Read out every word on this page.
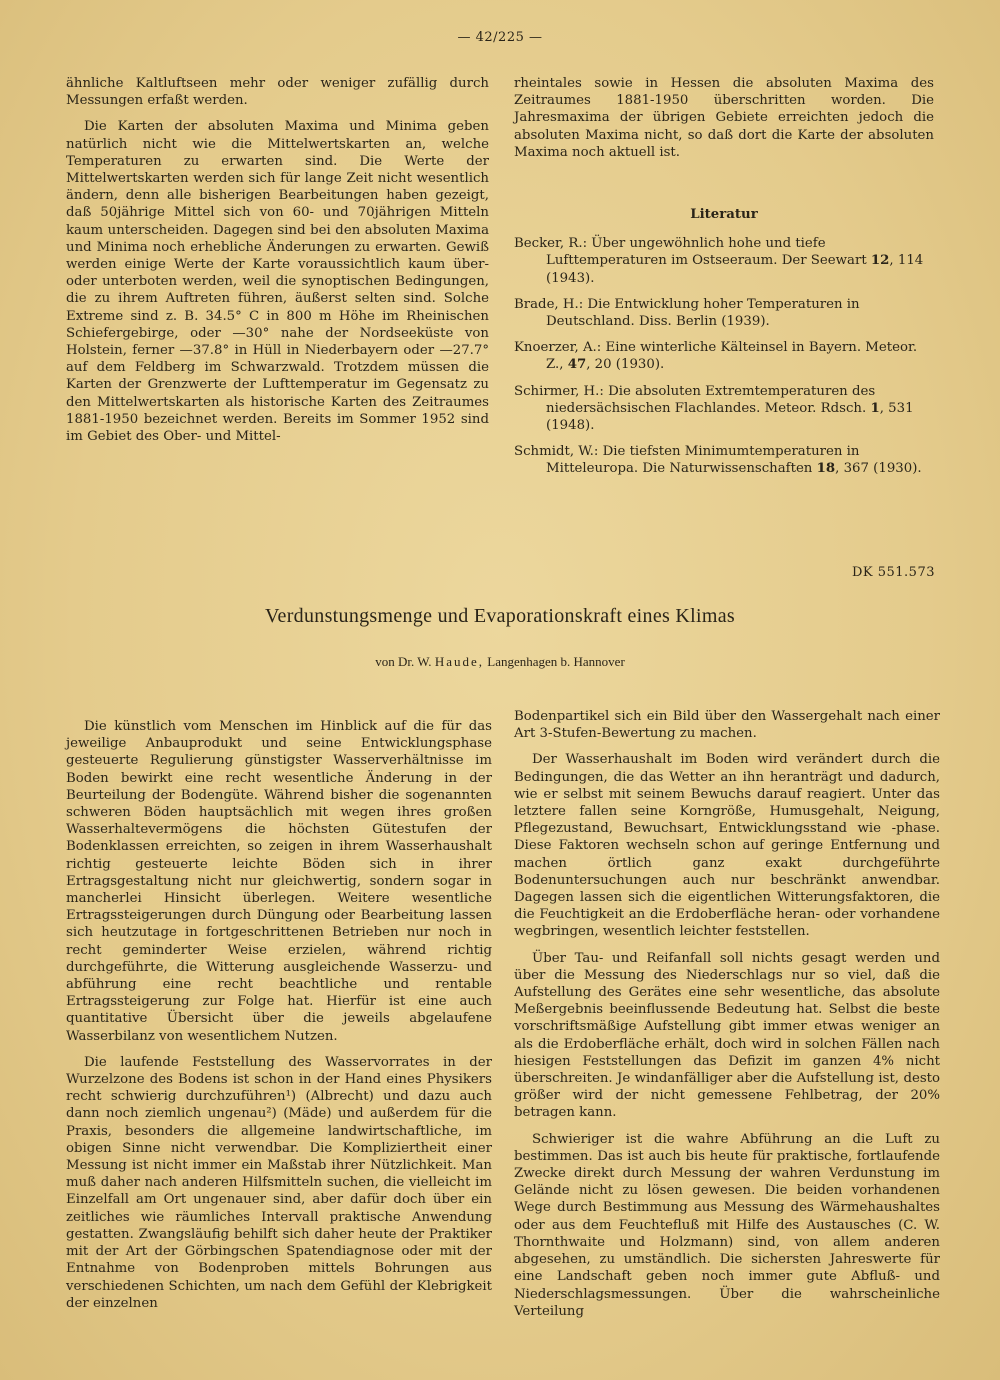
— 42/225 —

ähnliche Kaltluftseen mehr oder weniger zufällig durch Messungen erfaßt werden.

Die Karten der absoluten Maxima und Minima geben natürlich nicht wie die Mittelwertskarten an, welche Temperaturen zu erwarten sind. Die Werte der Mittelwertskarten werden sich für lange Zeit nicht wesentlich ändern, denn alle bisherigen Bearbeitungen haben gezeigt, daß 50jährige Mittel sich von 60- und 70jährigen Mitteln kaum unterscheiden. Dagegen sind bei den absoluten Maxima und Minima noch erhebliche Änderungen zu erwarten. Gewiß werden einige Werte der Karte voraussichtlich kaum über- oder unterboten werden, weil die synoptischen Bedingungen, die zu ihrem Auftreten führen, äußerst selten sind. Solche Extreme sind z. B. 34.5° C in 800 m Höhe im Rheinischen Schiefergebirge, oder —30° nahe der Nordseeküste von Holstein, ferner —37.8° in Hüll in Niederbayern oder —27.7° auf dem Feldberg im Schwarzwald. Trotzdem müssen die Karten der Grenzwerte der Lufttemperatur im Gegensatz zu den Mittelwertskarten als historische Karten des Zeitraumes 1881-1950 bezeichnet werden. Bereits im Sommer 1952 sind im Gebiet des Ober- und Mittel-

rheintales sowie in Hessen die absoluten Maxima des Zeitraumes 1881-1950 überschritten worden. Die Jahresmaxima der übrigen Gebiete erreichten jedoch die absoluten Maxima nicht, so daß dort die Karte der absoluten Maxima noch aktuell ist.

Literatur
Becker, R.: Über ungewöhnlich hohe und tiefe Lufttemperaturen im Ostseeraum. Der Seewart 12, 114 (1943).
Brade, H.: Die Entwicklung hoher Temperaturen in Deutschland. Diss. Berlin (1939).
Knoerzer, A.: Eine winterliche Kälteinsel in Bayern. Meteor. Z., 47, 20 (1930).
Schirmer, H.: Die absoluten Extremtemperaturen des niedersächsischen Flachlandes. Meteor. Rdsch. 1, 531 (1948).
Schmidt, W.: Die tiefsten Minimumtemperaturen in Mitteleuropa. Die Naturwissenschaften 18, 367 (1930).
DK 551.573
Verdunstungsmenge und Evaporationskraft eines Klimas
von Dr. W. Haude, Langenhagen b. Hannover

Die künstlich vom Menschen im Hinblick auf die für das jeweilige Anbauprodukt und seine Entwicklungsphase gesteuerte Regulierung günstigster Wasserverhältnisse im Boden bewirkt eine recht wesentliche Änderung in der Beurteilung der Bodengüte. Während bisher die sogenannten schweren Böden hauptsächlich mit wegen ihres großen Wasserhaltevermögens die höchsten Gütestufen der Bodenklassen erreichten, so zeigen in ihrem Wasserhaushalt richtig gesteuerte leichte Böden sich in ihrer Ertragsgestaltung nicht nur gleichwertig, sondern sogar in mancherlei Hinsicht überlegen. Weitere wesentliche Ertragssteigerungen durch Düngung oder Bearbeitung lassen sich heutzutage in fortgeschrittenen Betrieben nur noch in recht geminderter Weise erzielen, während richtig durchgeführte, die Witterung ausgleichende Wasserzu- und abführung eine recht beachtliche und rentable Ertragssteigerung zur Folge hat. Hierfür ist eine auch quantitative Übersicht über die jeweils abgelaufene Wasserbilanz von wesentlichem Nutzen.

Die laufende Feststellung des Wasservorrates in der Wurzelzone des Bodens ist schon in der Hand eines Physikers recht schwierig durchzuführen¹) (Albrecht) und dazu auch dann noch ziemlich ungenau²) (Mäde) und außerdem für die Praxis, besonders die allgemeine landwirtschaftliche, im obigen Sinne nicht verwendbar. Die Kompliziertheit einer Messung ist nicht immer ein Maßstab ihrer Nützlichkeit. Man muß daher nach anderen Hilfsmitteln suchen, die vielleicht im Einzelfall am Ort ungenauer sind, aber dafür doch über ein zeitliches wie räumliches Intervall praktische Anwendung gestatten. Zwangsläufig behilft sich daher heute der Praktiker mit der Art der Görbingschen Spatendiagnose oder mit der Entnahme von Bodenproben mittels Bohrungen aus verschiedenen Schichten, um nach dem Gefühl der Klebrigkeit der einzelnen

Bodenpartikel sich ein Bild über den Wassergehalt nach einer Art 3-Stufen-Bewertung zu machen.

Der Wasserhaushalt im Boden wird verändert durch die Bedingungen, die das Wetter an ihn heranträgt und dadurch, wie er selbst mit seinem Bewuchs darauf reagiert. Unter das letztere fallen seine Korngröße, Humusgehalt, Neigung, Pflegezustand, Bewuchsart, Entwicklungsstand wie -phase. Diese Faktoren wechseln schon auf geringe Entfernung und machen örtlich ganz exakt durchgeführte Bodenuntersuchungen auch nur beschränkt anwendbar. Dagegen lassen sich die eigentlichen Witterungsfaktoren, die die Feuchtigkeit an die Erdoberfläche heran- oder vorhandene wegbringen, wesentlich leichter feststellen.

Über Tau- und Reifanfall soll nichts gesagt werden und über die Messung des Niederschlags nur so viel, daß die Aufstellung des Gerätes eine sehr wesentliche, das absolute Meßergebnis beeinflussende Bedeutung hat. Selbst die beste vorschriftsmäßige Aufstellung gibt immer etwas weniger an als die Erdoberfläche erhält, doch wird in solchen Fällen nach hiesigen Feststellungen das Defizit im ganzen 4% nicht überschreiten. Je windanfälliger aber die Aufstellung ist, desto größer wird der nicht gemessene Fehlbetrag, der 20% betragen kann.

Schwieriger ist die wahre Abführung an die Luft zu bestimmen. Das ist auch bis heute für praktische, fortlaufende Zwecke direkt durch Messung der wahren Verdunstung im Gelände nicht zu lösen gewesen. Die beiden vorhandenen Wege durch Bestimmung aus Messung des Wärmehaushaltes oder aus dem Feuchtefluß mit Hilfe des Austausches (C. W. Thornthwaite und Holzmann) sind, von allem anderen abgesehen, zu umständlich. Die sichersten Jahreswerte für eine Landschaft geben noch immer gute Abfluß- und Niederschlagsmessungen. Über die wahrscheinliche Verteilung
